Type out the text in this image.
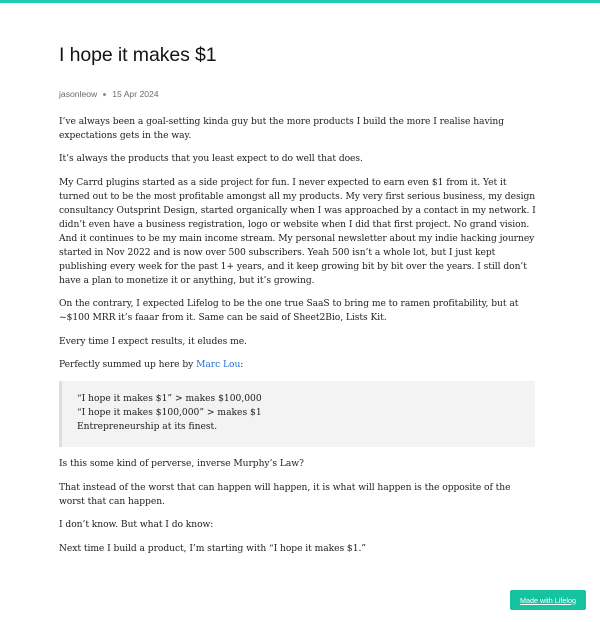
I hope it makes $1
jasonleow 15 Apr 2024

I’ve always been a goal-setting kinda guy but the more products I build the more I realise having expectations gets in the way.

It’s always the products that you least expect to do well that does.

My Carrd plugins started as a side project for fun. I never expected to earn even $1 from it. Yet it turned out to be the most profitable amongst all my products. My very first serious business, my design consultancy Outsprint Design, started organically when I was approached by a contact in my network. I didn’t even have a business registration, logo or website when I did that first project. No grand vision. And it continues to be my main income stream. My personal newsletter about my indie hacking journey started in Nov 2022 and is now over 500 subscribers. Yeah 500 isn’t a whole lot, but I just kept publishing every week for the past 1+ years, and it keep growing bit by bit over the years. I still don’t have a plan to monetize it or anything, but it’s growing.

On the contrary, I expected Lifelog to be the one true SaaS to bring me to ramen profitability, but at ~$100 MRR it’s faaar from it. Same can be said of Sheet2Bio, Lists Kit.

Every time I expect results, it eludes me.

Perfectly summed up here by Marc Lou:

“I hope it makes $1” > makes $100,000
“I hope it makes $100,000” > makes $1
Entrepreneurship at its finest.

Is this some kind of perverse, inverse Murphy’s Law?

That instead of the worst that can happen will happen, it is what will happen is the opposite of the worst that can happen.

I don’t know. But what I do know:

Next time I build a product, I’m starting with “I hope it makes $1.”

Made with Lifelog
